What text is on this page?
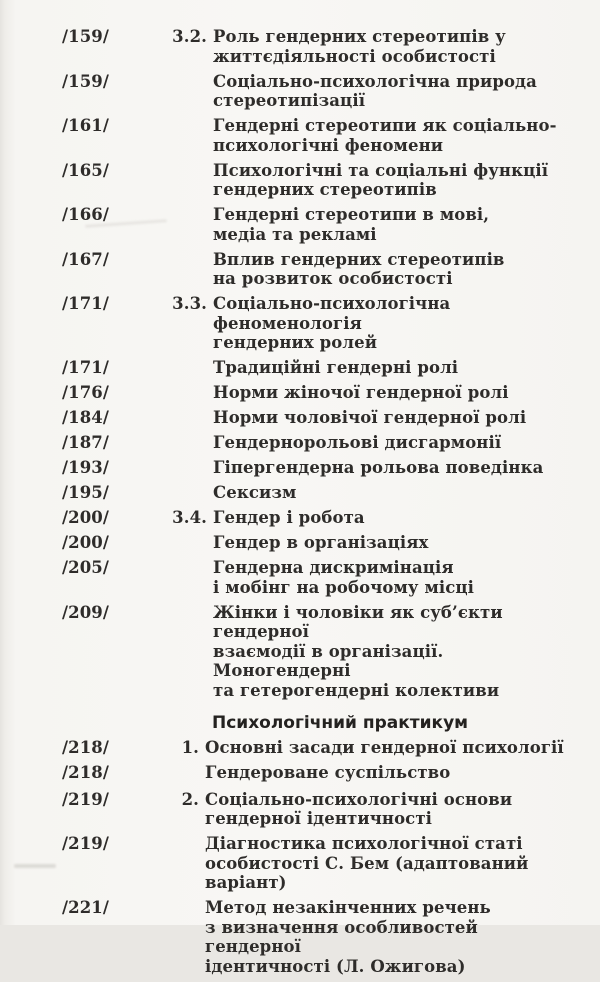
/159/	3.2. Роль гендерних стереотипів у
життєдіяльності особистості
/159/	Соціально-психологічна природа
стереотипізації
/161/	Гендерні стереотипи як соціально-
психологічні феномени
/165/	Психологічні та соціальні функції
гендерних стереотипів
/166/	Гендерні стереотипи в мові,
медіа та рекламі
/167/	Вплив гендерних стереотипів
на розвиток особистості
/171/	3.3. Соціально-психологічна феноменологія
гендерних ролей
/171/	Традиційні гендерні ролі
/176/	Норми жіночої гендерної ролі
/184/	Норми чоловічої гендерної ролі
/187/	Гендернорольові дисгармонії
/193/	Гіпергендерна рольова поведінка
/195/	Сексизм
/200/	3.4. Гендер і робота
/200/	Гендер в організаціях
/205/	Гендерна дискримінація
і мобінг на робочому місці
/209/	Жінки і чоловіки як суб’єкти гендерної
взаємодії в організації. Моногендерні
та гетерогендерні колективи
Психологічний практикум
/218/	1. Основні засади гендерної психології
/218/	Гендероване суспільство
/219/	2. Соціально-психологічні основи
гендерної ідентичності
/219/	Діагностика психологічної статі
особистості С. Бем (адаптований варіант)
/221/	Метод незакінченних речень
з визначення особливостей гендерної
ідентичності (Л. Ожигова)
